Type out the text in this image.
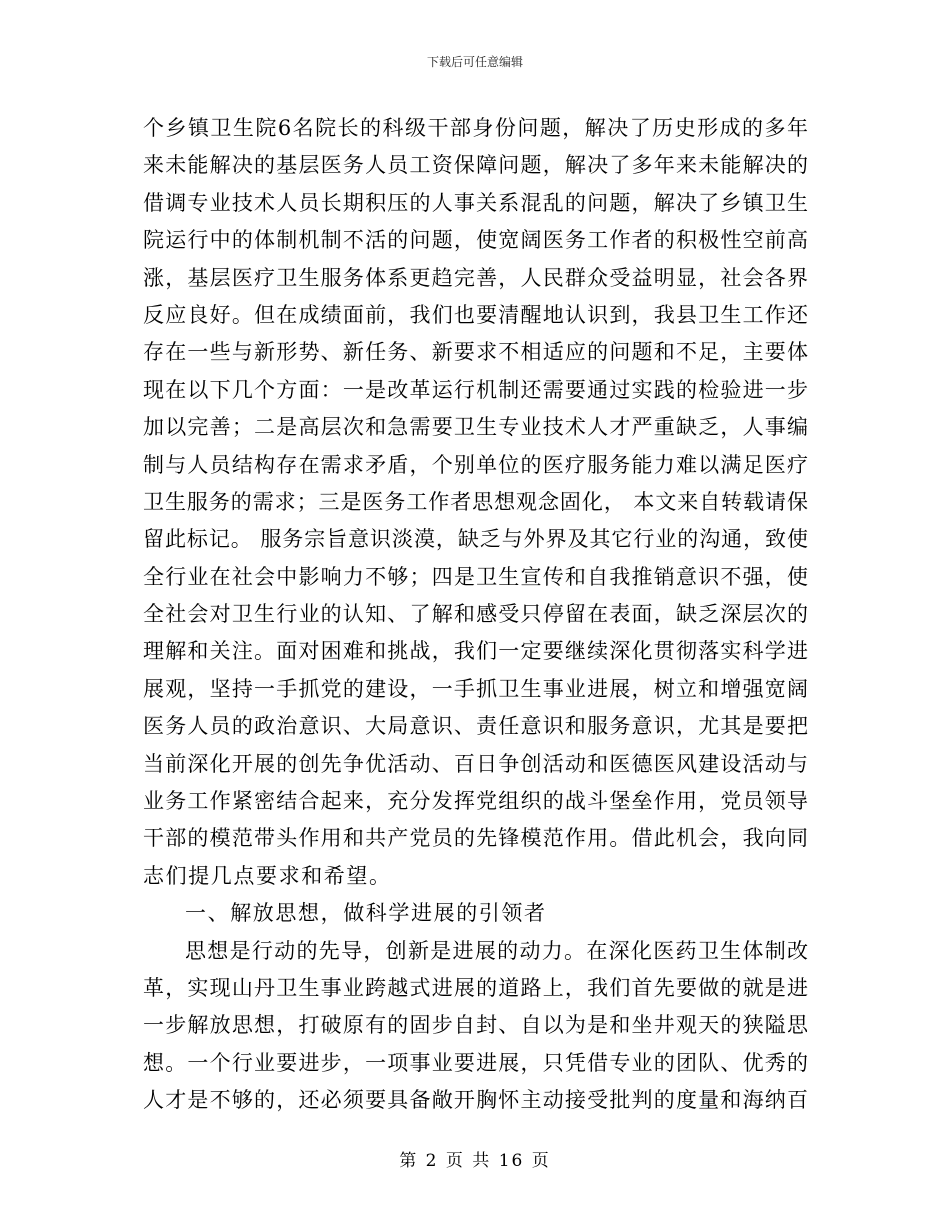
下载后可任意编辑
个乡镇卫生院6名院长的科级干部身份问题，解决了历史形成的多年
来未能解决的基层医务人员工资保障问题，解决了多年来未能解决的
借调专业技术人员长期积压的人事关系混乱的问题，解决了乡镇卫生
院运行中的体制机制不活的问题，使宽阔医务工作者的积极性空前高
涨，基层医疗卫生服务体系更趋完善，人民群众受益明显，社会各界
反应良好。但在成绩面前，我们也要清醒地认识到，我县卫生工作还
存在一些与新形势、新任务、新要求不相适应的问题和不足，主要体
现在以下几个方面：一是改革运行机制还需要通过实践的检验进一步
加以完善；二是高层次和急需要卫生专业技术人才严重缺乏，人事编
制与人员结构存在需求矛盾，个别单位的医疗服务能力难以满足医疗
卫生服务的需求；三是医务工作者思想观念固化， 本文来自转载请保
留此标记。 服务宗旨意识淡漠，缺乏与外界及其它行业的沟通，致使
全行业在社会中影响力不够；四是卫生宣传和自我推销意识不强，使
全社会对卫生行业的认知、了解和感受只停留在表面，缺乏深层次的
理解和关注。面对困难和挑战，我们一定要继续深化贯彻落实科学进
展观，坚持一手抓党的建设，一手抓卫生事业进展，树立和增强宽阔
医务人员的政治意识、大局意识、责任意识和服务意识，尤其是要把
当前深化开展的创先争优活动、百日争创活动和医德医风建设活动与
业务工作紧密结合起来，充分发挥党组织的战斗堡垒作用，党员领导
干部的模范带头作用和共产党员的先锋模范作用。借此机会，我向同
志们提几点要求和希望。
一、解放思想，做科学进展的引领者
思想是行动的先导，创新是进展的动力。在深化医药卫生体制改
革，实现山丹卫生事业跨越式进展的道路上，我们首先要做的就是进
一步解放思想，打破原有的固步自封、自以为是和坐井观天的狭隘思
想。一个行业要进步，一项事业要进展，只凭借专业的团队、优秀的
人才是不够的，还必须要具备敞开胸怀主动接受批判的度量和海纳百
第 2 页 共 16 页
